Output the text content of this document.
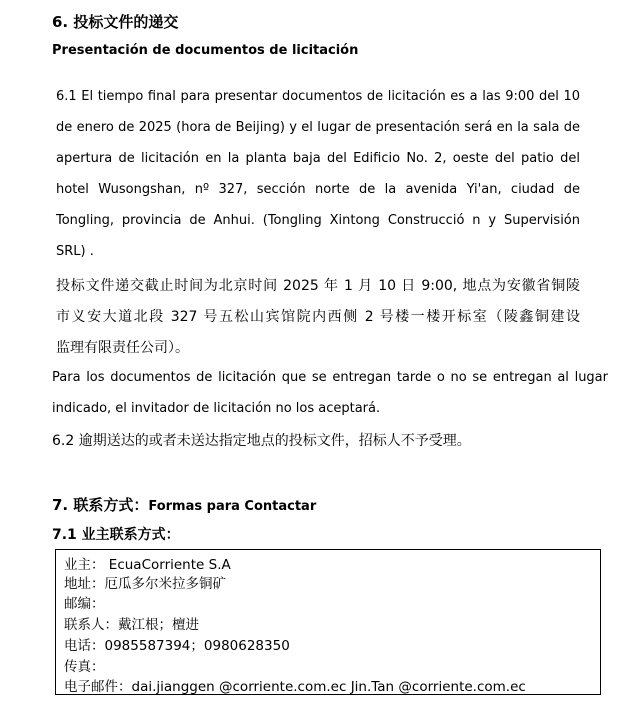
6. 投标文件的递交
Presentación de documentos de licitación
6.1 El tiempo final para presentar documentos de licitación es a las 9:00 del 10
de enero de 2025 (hora de Beijing) y el lugar de presentación será en la sala de
apertura de licitación en la planta baja del Edificio No. 2, oeste del patio del
hotel Wusongshan, nº 327, sección norte de la avenida Yi'an, ciudad de
Tongling, provincia de Anhui. (Tongling Xintong Construcció n y Supervisión
SRL) .
投标文件递交截止时间为北京时间 2025 年 1 月 10 日 9:00, 地点为安徽省铜陵
市义安大道北段 327 号五松山宾馆院内西侧 2 号楼一楼开标室（陵鑫铜建设
监理有限责任公司）。
Para los documentos de licitación que se entregan tarde o no se entregan al lugar
indicado, el invitador de licitación no los aceptará.
6.2 逾期送达的或者未送达指定地点的投标文件，招标人不予受理。
7. 联系方式：Formas para Contactar
7.1 业主联系方式：
业主： EcuaCorriente S.A
地址：厄瓜多尔米拉多铜矿
邮编：
联系人：戴江根；檀进
电话：0985587394；0980628350
传真：
电子邮件：dai.jianggen @corriente.com.ec Jin.Tan @corriente.com.ec
